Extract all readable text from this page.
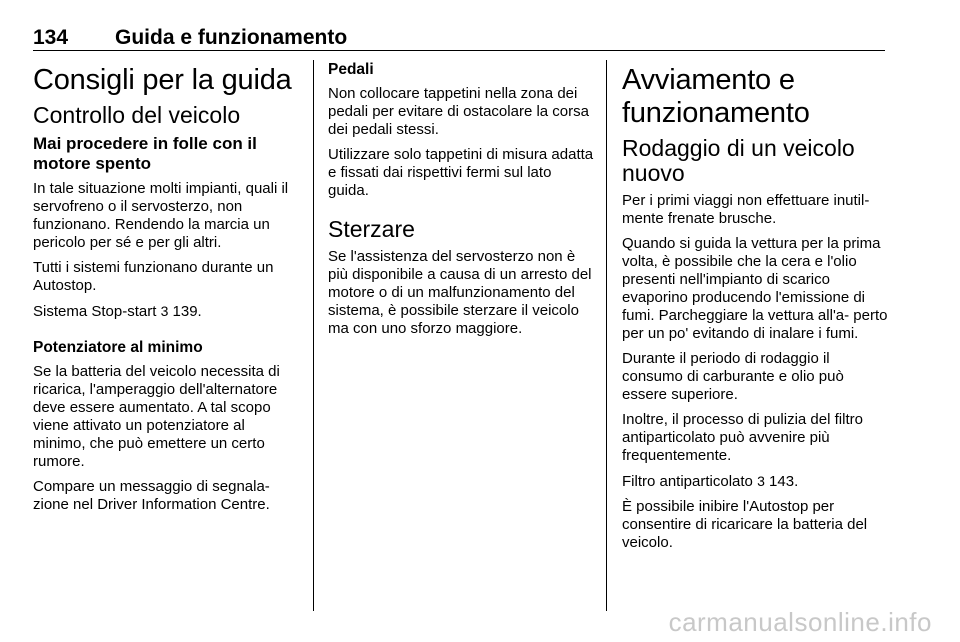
134 Guida e funzionamento
Consigli per la guida
Controllo del veicolo
Mai procedere in folle con il motore spento

In tale situazione molti impianti, quali il servofreno o il servosterzo, non funzionano. Rendendo la marcia un pericolo per sé e per gli altri.

Tutti i sistemi funzionano durante un Autostop.

Sistema Stop-start 3 139.

Potenziatore al minimo

Se la batteria del veicolo necessita di ricarica, l'amperaggio dell'alternatore deve essere aumentato. A tal scopo viene attivato un potenziatore al minimo, che può emettere un certo rumore.

Compare un messaggio di segnala‐ zione nel Driver Information Centre.

Pedali

Non collocare tappetini nella zona dei pedali per evitare di ostacolare la corsa dei pedali stessi.

Utilizzare solo tappetini di misura adatta e fissati dai rispettivi fermi sul lato guida.

Sterzare

Se l'assistenza del servosterzo non è più disponibile a causa di un arresto del motore o di un malfunzionamento del sistema, è possibile sterzare il veicolo ma con uno sforzo maggiore.

Avviamento e funzionamento
Rodaggio di un veicolo nuovo

Per i primi viaggi non effettuare inutil‐ mente frenate brusche.

Quando si guida la vettura per la prima volta, è possibile che la cera e l'olio presenti nell'impianto di scarico evaporino producendo l'emissione di fumi. Parcheggiare la vettura all'a‐ perto per un po' evitando di inalare i fumi.

Durante il periodo di rodaggio il consumo di carburante e olio può essere superiore.

Inoltre, il processo di pulizia del filtro antiparticolato può avvenire più frequentemente.

Filtro antiparticolato 3 143.

È possibile inibire l'Autostop per consentire di ricaricare la batteria del veicolo.

carmanualsonline.info
